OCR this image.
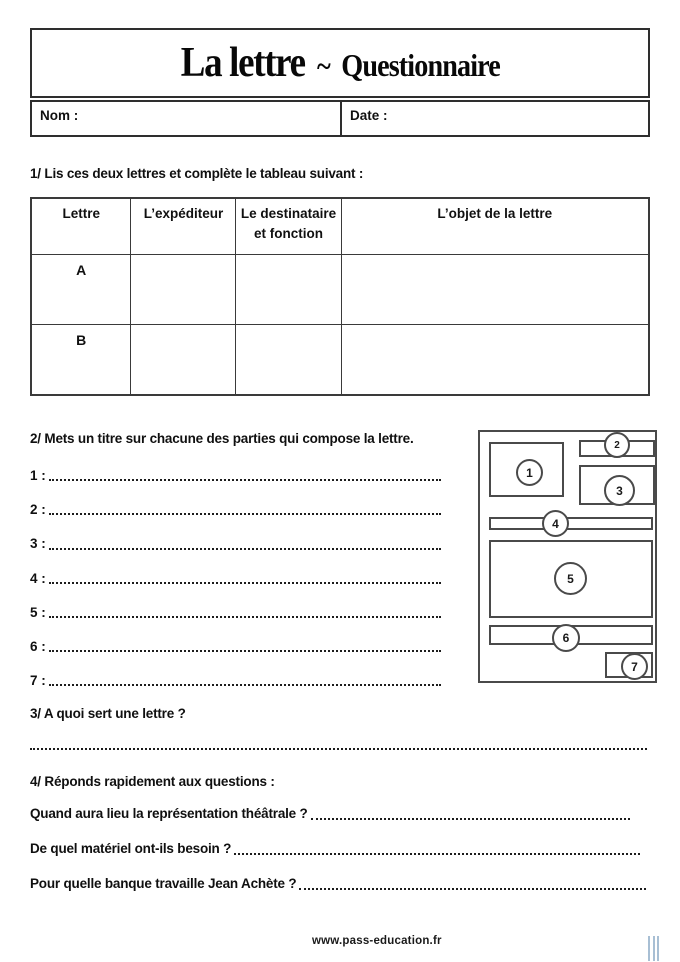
La lettre ~ Questionnaire
Nom :	Date :
1/ Lis ces deux lettres et complète le tableau suivant :
Lettre	L’expéditeur	Le destinataire et fonction	L’objet de la lettre
A			
B			
2/ Mets un titre sur chacune des parties qui compose la lettre.
1 :
2 :
3 :
4 :
5 :
6 :
7 :
1
2
3
4
5
6
7
3/ A quoi sert une lettre ?
4/ Réponds rapidement aux questions :
Quand aura lieu la représentation théâtrale ?
De quel matériel ont-ils besoin ?
Pour quelle banque travaille Jean Achète ?
www.pass-education.fr
